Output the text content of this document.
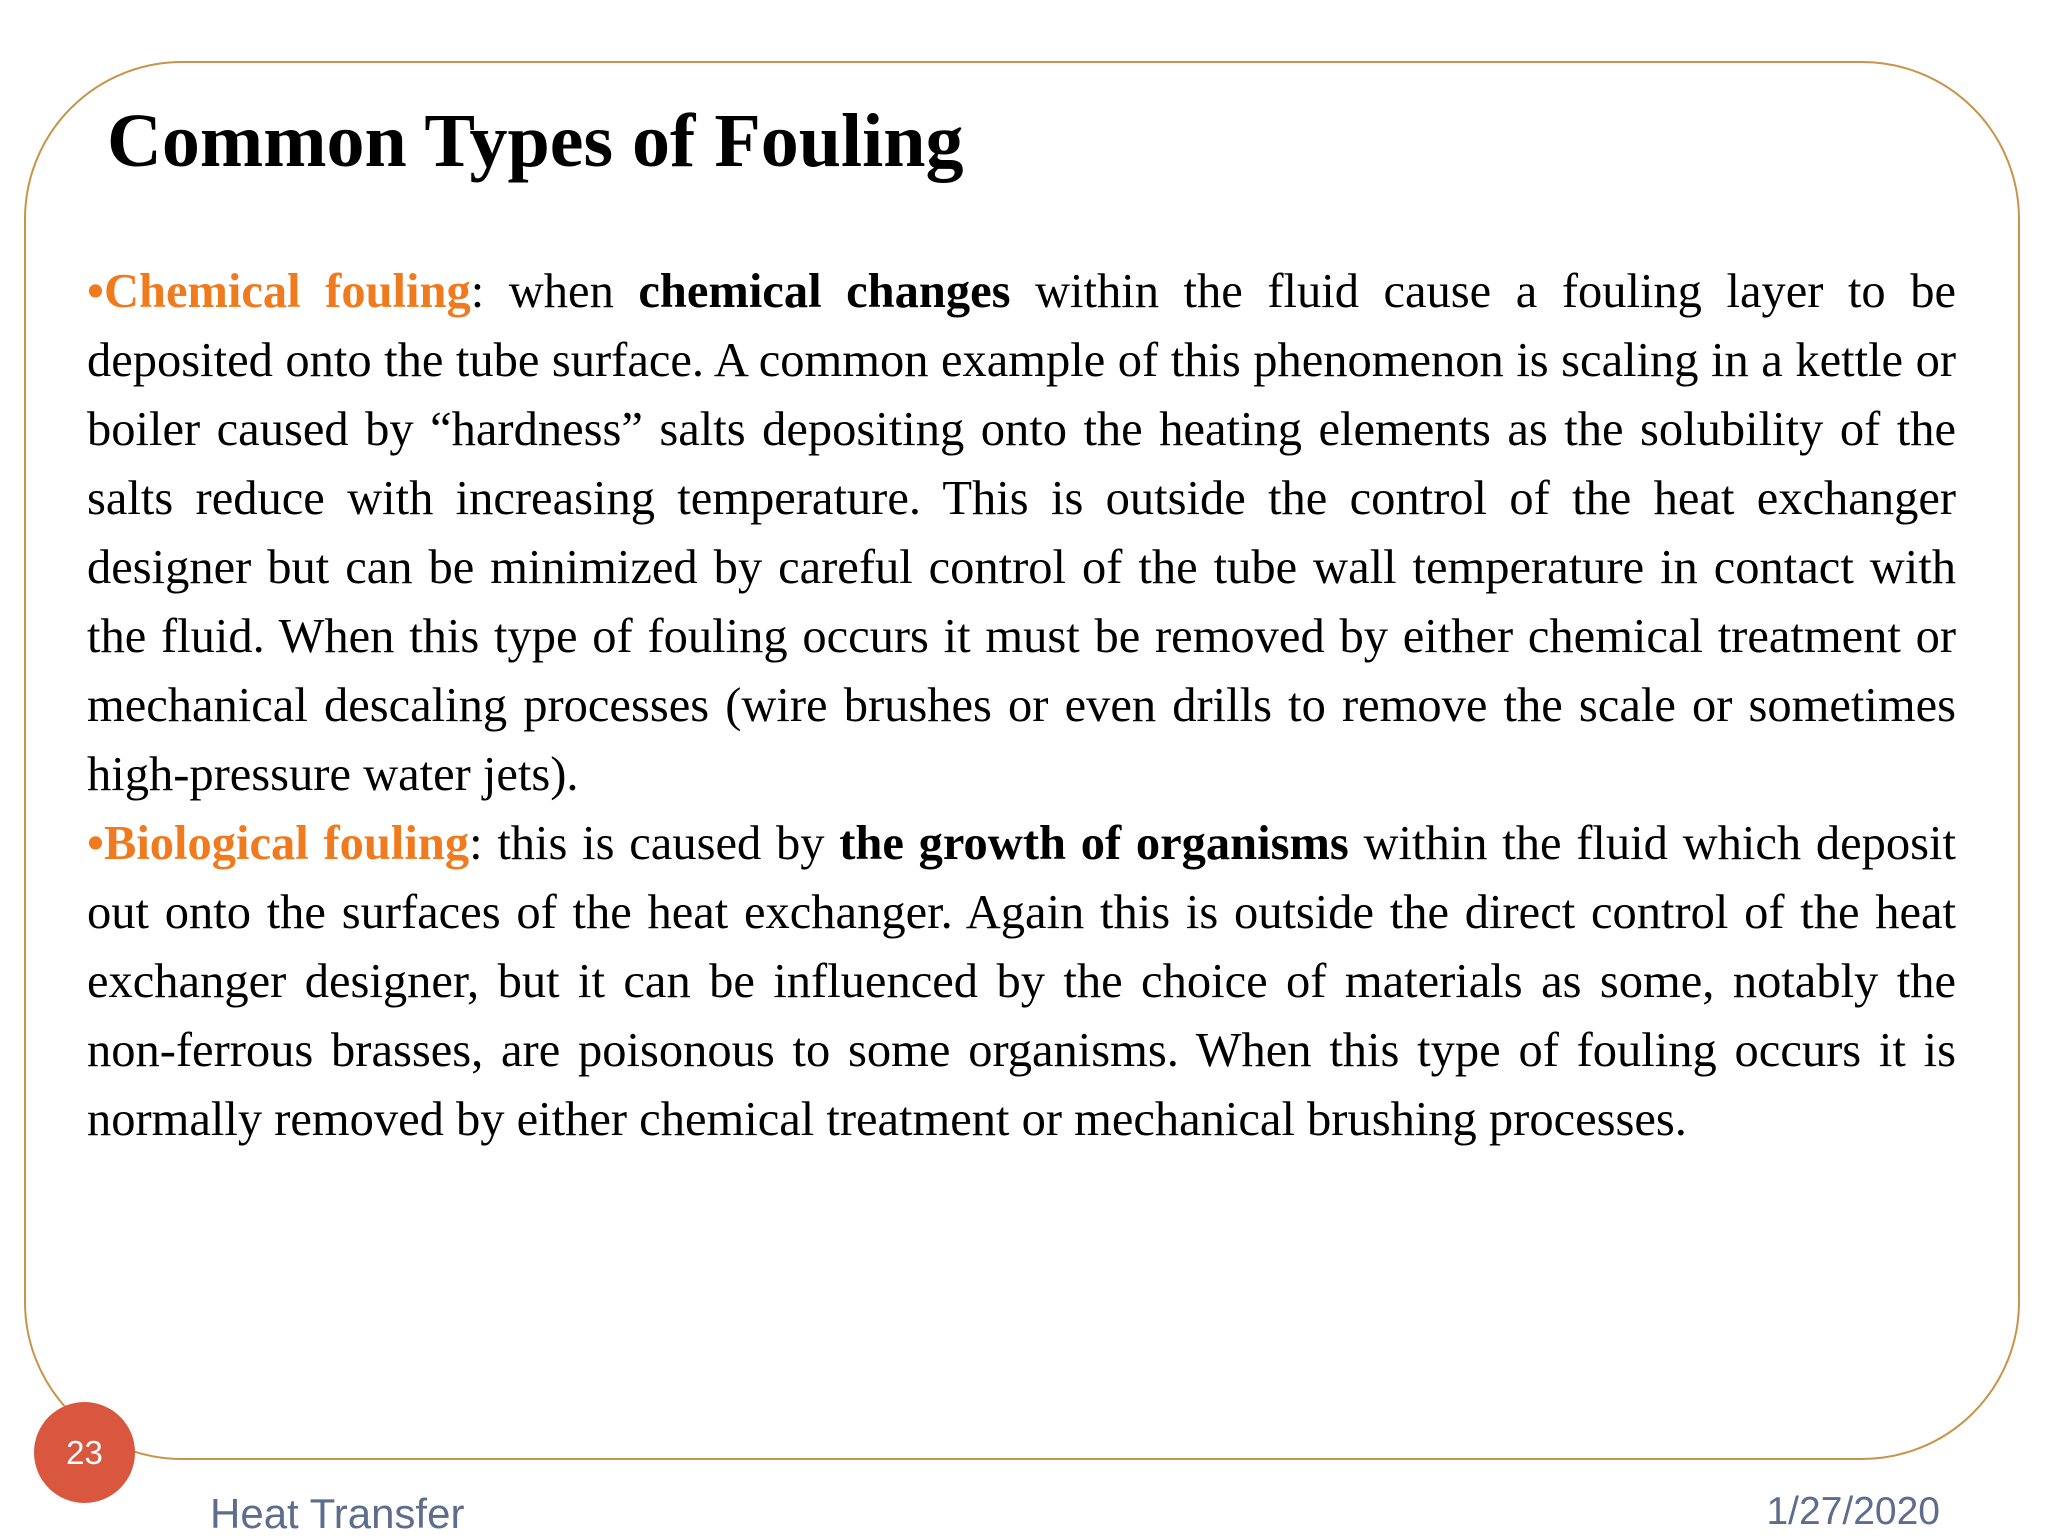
Common Types of Fouling

•Chemical fouling: when chemical changes within the fluid cause a fouling layer to be deposited onto the tube surface. A common example of this phenomenon is scaling in a kettle or boiler caused by “hardness” salts depositing onto the heating elements as the solubility of the salts reduce with increasing temperature. This is outside the control of the heat exchanger designer but can be minimized by careful control of the tube wall temperature in contact with the fluid. When this type of fouling occurs it must be removed by either chemical treatment or mechanical descaling processes (wire brushes or even drills to remove the scale or sometimes high-pressure water jets).

•Biological fouling: this is caused by the growth of organisms within the fluid which deposit out onto the surfaces of the heat exchanger. Again this is outside the direct control of the heat exchanger designer, but it can be influenced by the choice of materials as some, notably the non-ferrous brasses, are poisonous to some organisms. When this type of fouling occurs it is normally removed by either chemical treatment or mechanical brushing processes.

23
Heat Transfer	1/27/2020
